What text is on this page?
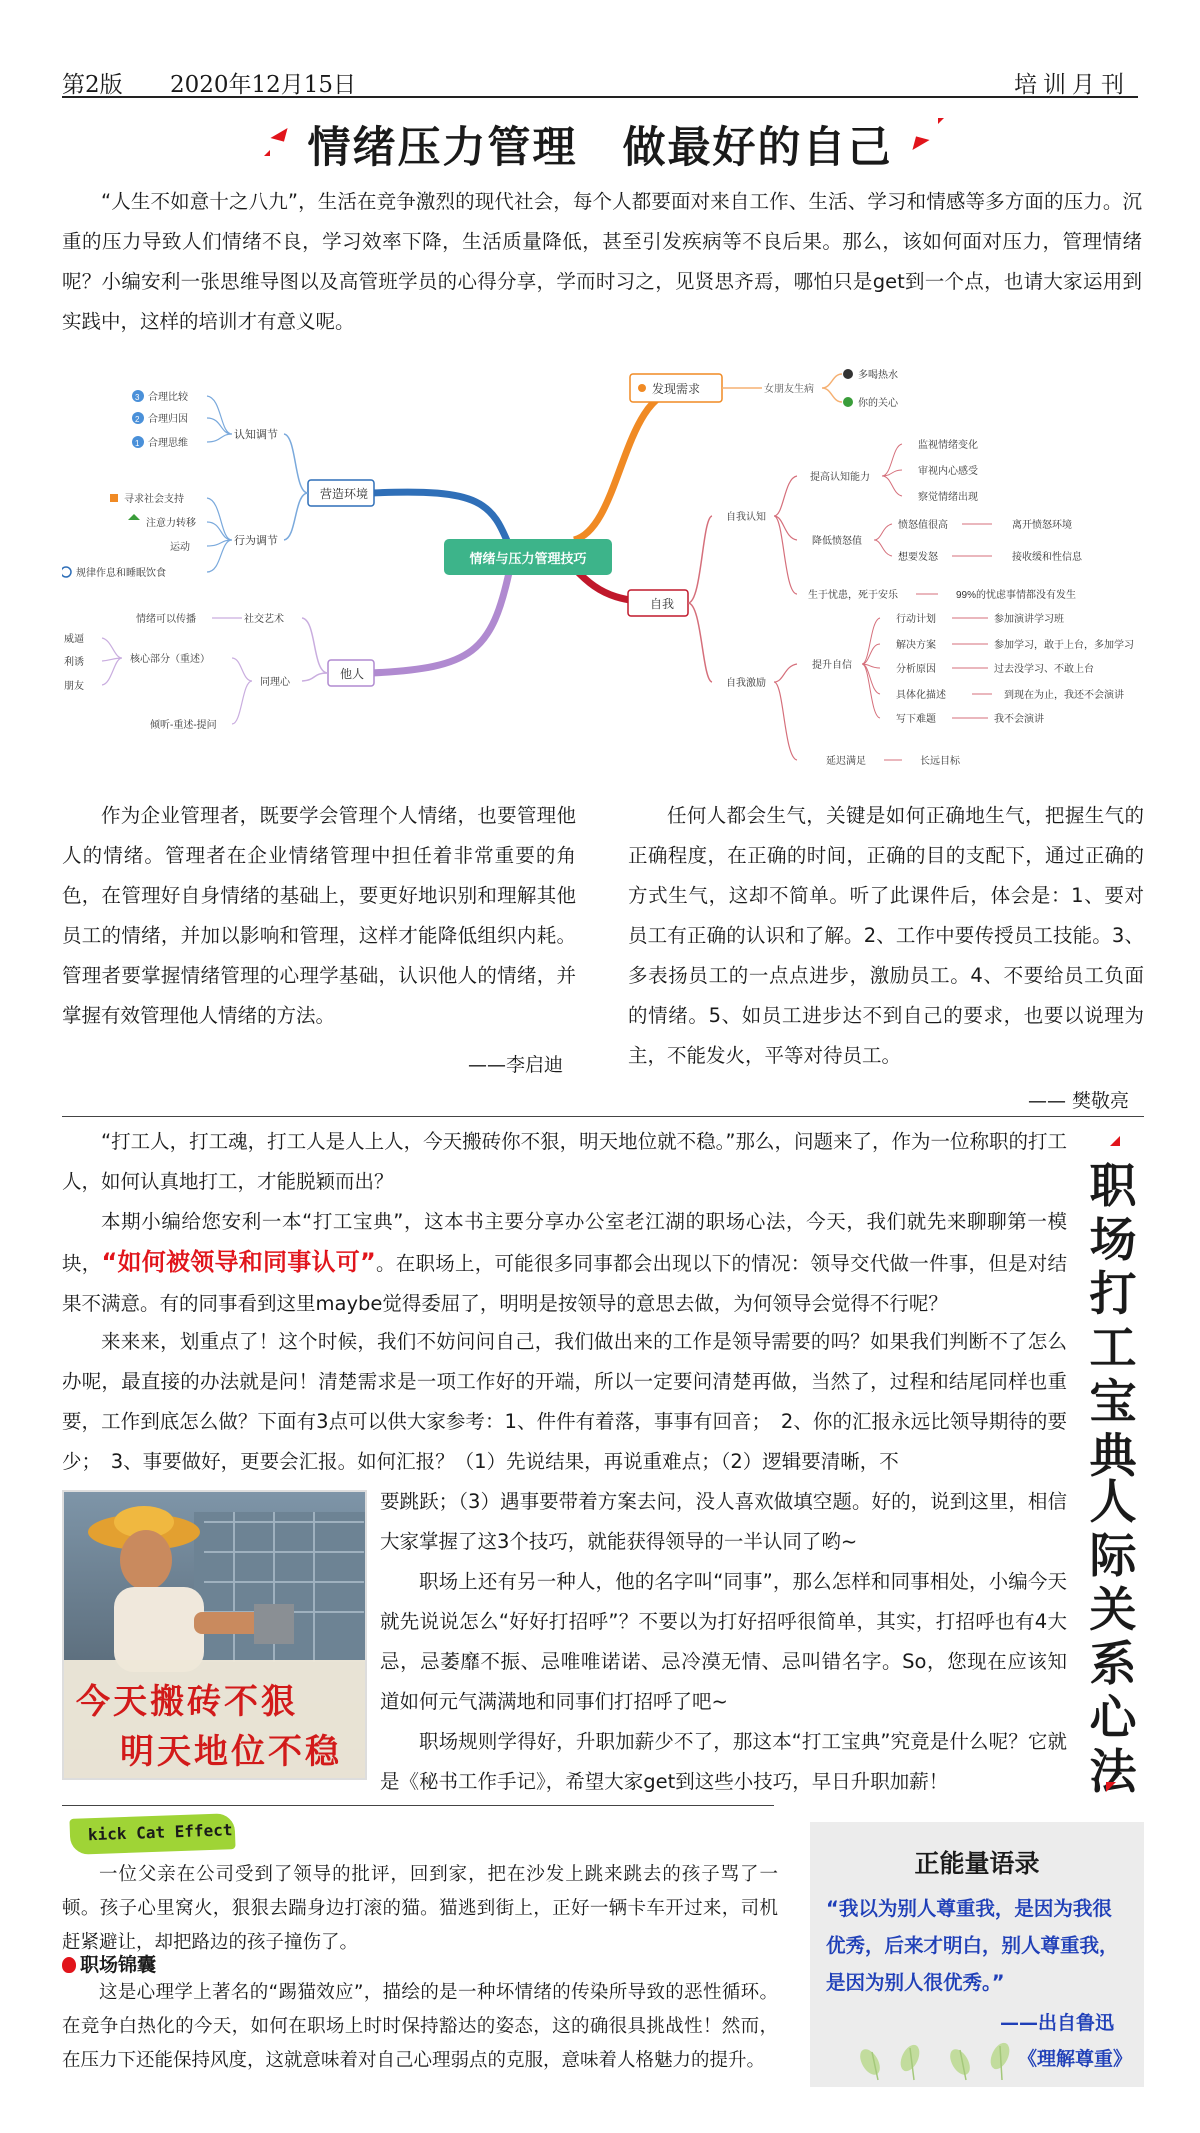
第2版 2020年12月15日	培训月刊
情绪压力管理　做最好的自己
“人生不如意十之八九”，生活在竞争激烈的现代社会，每个人都要面对来自工作、生活、学习和情感等多方面的压力。沉重的压力导致人们情绪不良，学习效率下降，生活质量降低，甚至引发疾病等不良后果。那么，该如何面对压力，管理情绪呢？小编安利一张思维导图以及高管班学员的心得分享，学而时习之，见贤思齐焉，哪怕只是get到一个点，也请大家运用到实践中，这样的培训才有意义呢。
情绪与压力管理技巧
发现需求	女朋友生病
多喝热水
你的关心
营造环境
认知调节
3 合理比较
2 合理归因
1 合理思维
行为调节
寻求社会支持
注意力转移
运动
规律作息和睡眠饮食
他人
社交艺术
情绪可以传播
同理心
核心部分（重述）
威逼
利诱
朋友
倾听-重述-提问
自我
自我认知
提高认知能力
监视情绪变化
审视内心感受
察觉情绪出现
降低愤怒值
愤怒值很高	离开愤怒环境
想要发怒	接收缓和性信息
生于忧患，死于安乐	99%的忧虑事情都没有发生
自我激励
提升自信
行动计划
解决方案
分析原因
具体化描述
写下难题
参加演讲学习班
参加学习，敢于上台，多加学习
过去没学习、不敢上台
到现在为止，我还不会演讲
我不会演讲
延迟满足	长远目标
作为企业管理者，既要学会管理个人情绪，也要管理他人的情绪。管理者在企业情绪管理中担任着非常重要的角色，在管理好自身情绪的基础上，要更好地识别和理解其他员工的情绪，并加以影响和管理，这样才能降低组织内耗。管理者要掌握情绪管理的心理学基础，认识他人的情绪，并掌握有效管理他人情绪的方法。
——李启迪
任何人都会生气，关键是如何正确地生气，把握生气的正确程度，在正确的时间，正确的目的支配下，通过正确的方式生气，这却不简单。听了此课件后，体会是：1、要对员工有正确的认识和了解。2、工作中要传授员工技能。3、多表扬员工的一点点进步，激励员工。4、不要给员工负面的情绪。5、如员工进步达不到自己的要求，也要以说理为主，不能发火，平等对待员工。
—— 樊敬亮
“打工人，打工魂，打工人是人上人，今天搬砖你不狠，明天地位就不稳。”那么，问题来了，作为一位称职的打工人，如何认真地打工，才能脱颖而出？
本期小编给您安利一本“打工宝典”，这本书主要分享办公室老江湖的职场心法，今天，我们就先来聊聊第一模块，“如何被领导和同事认可”。在职场上，可能很多同事都会出现以下的情况：领导交代做一件事，但是对结果不满意。有的同事看到这里maybe觉得委屈了，明明是按领导的意思去做，为何领导会觉得不行呢？
来来来，划重点了！这个时候，我们不妨问问自己，我们做出来的工作是领导需要的吗？如果我们判断不了怎么办呢，最直接的办法就是问！清楚需求是一项工作好的开端，所以一定要问清楚再做，当然了，过程和结尾同样也重要，工作到底怎么做？下面有3点可以供大家参考：1、件件有着落，事事有回音；　2、你的汇报永远比领导期待的要少；　3、事要做好，更要会汇报。如何汇报？（1）先说结果，再说重难点；（2）逻辑要清晰，不
要跳跃；（3）遇事要带着方案去问，没人喜欢做填空题。好的，说到这里，相信大家掌握了这3个技巧，就能获得领导的一半认同了哟~
职场上还有另一种人，他的名字叫“同事”，那么怎样和同事相处，小编今天就先说说怎么“好好打招呼”？不要以为打好招呼很简单，其实，打招呼也有4大忌，忌萎靡不振、忌唯唯诺诺、忌冷漠无情、忌叫错名字。So，您现在应该知道如何元气满满地和同事们打招呼了吧~
职场规则学得好，升职加薪少不了，那这本“打工宝典”究竟是什么呢？它就是《秘书工作手记》，希望大家get到这些小技巧，早日升职加薪！
职场打工宝典
人际关系心法
今天搬砖不狠
明天地位不稳
kick Cat Effect
一位父亲在公司受到了领导的批评，回到家，把在沙发上跳来跳去的孩子骂了一顿。孩子心里窝火，狠狠去踹身边打滚的猫。猫逃到街上，正好一辆卡车开过来，司机赶紧避让，却把路边的孩子撞伤了。
职场锦囊
这是心理学上著名的“踢猫效应”，描绘的是一种坏情绪的传染所导致的恶性循环。在竞争白热化的今天，如何在职场上时时保持豁达的姿态，这的确很具挑战性！然而，在压力下还能保持风度，这就意味着对自己心理弱点的克服，意味着人格魅力的提升。
正能量语录
“我以为别人尊重我，是因为我很优秀，后来才明白，别人尊重我，是因为别人很优秀。”
——出自鲁迅
《理解尊重》
